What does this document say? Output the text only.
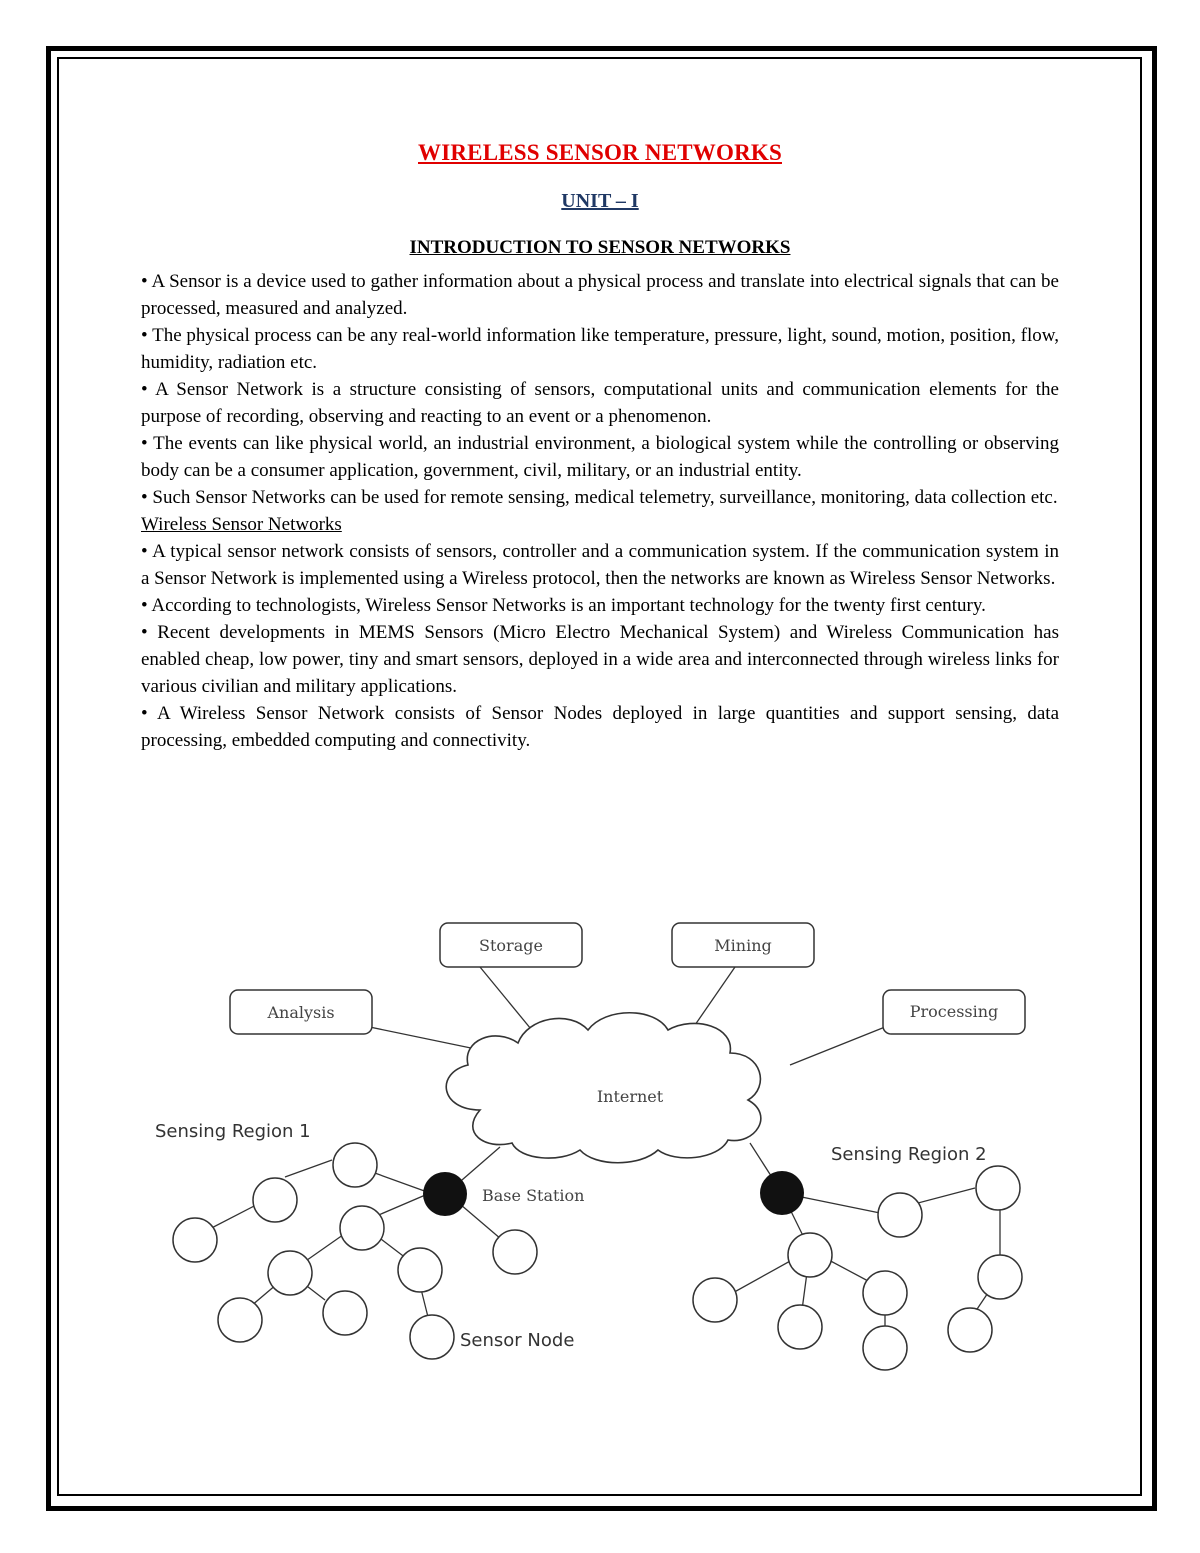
WIRELESS SENSOR NETWORKS

UNIT – I

INTRODUCTION TO SENSOR NETWORKS

• A Sensor is a device used to gather information about a physical process and translate into electrical signals that can be processed, measured and analyzed.

• The physical process can be any real-world information like temperature, pressure, light, sound, motion, position, flow, humidity, radiation etc.

• A Sensor Network is a structure consisting of sensors, computational units and communication elements for the purpose of recording, observing and reacting to an event or a phenomenon.

• The events can like physical world, an industrial environment, a biological system while the controlling or observing body can be a consumer application, government, civil, military, or an industrial entity.

• Such Sensor Networks can be used for remote sensing, medical telemetry, surveillance, monitoring, data collection etc.

Wireless Sensor Networks

• A typical sensor network consists of sensors, controller and a communication system. If the communication system in a Sensor Network is implemented using a Wireless protocol, then the networks are known as Wireless Sensor Networks.

• According to technologists, Wireless Sensor Networks is an important technology for the twenty first century.

• Recent developments in MEMS Sensors (Micro Electro Mechanical System) and Wireless Communication has enabled cheap, low power, tiny and smart sensors, deployed in a wide area and interconnected through wireless links for various civilian and military applications.

• A Wireless Sensor Network consists of Sensor Nodes deployed in large quantities and support sensing, data processing, embedded computing and connectivity.

Storage	Mining
Analysis	Processing
Internet
Sensing Region 1
Sensing Region 2
Base Station
Sensor Node
